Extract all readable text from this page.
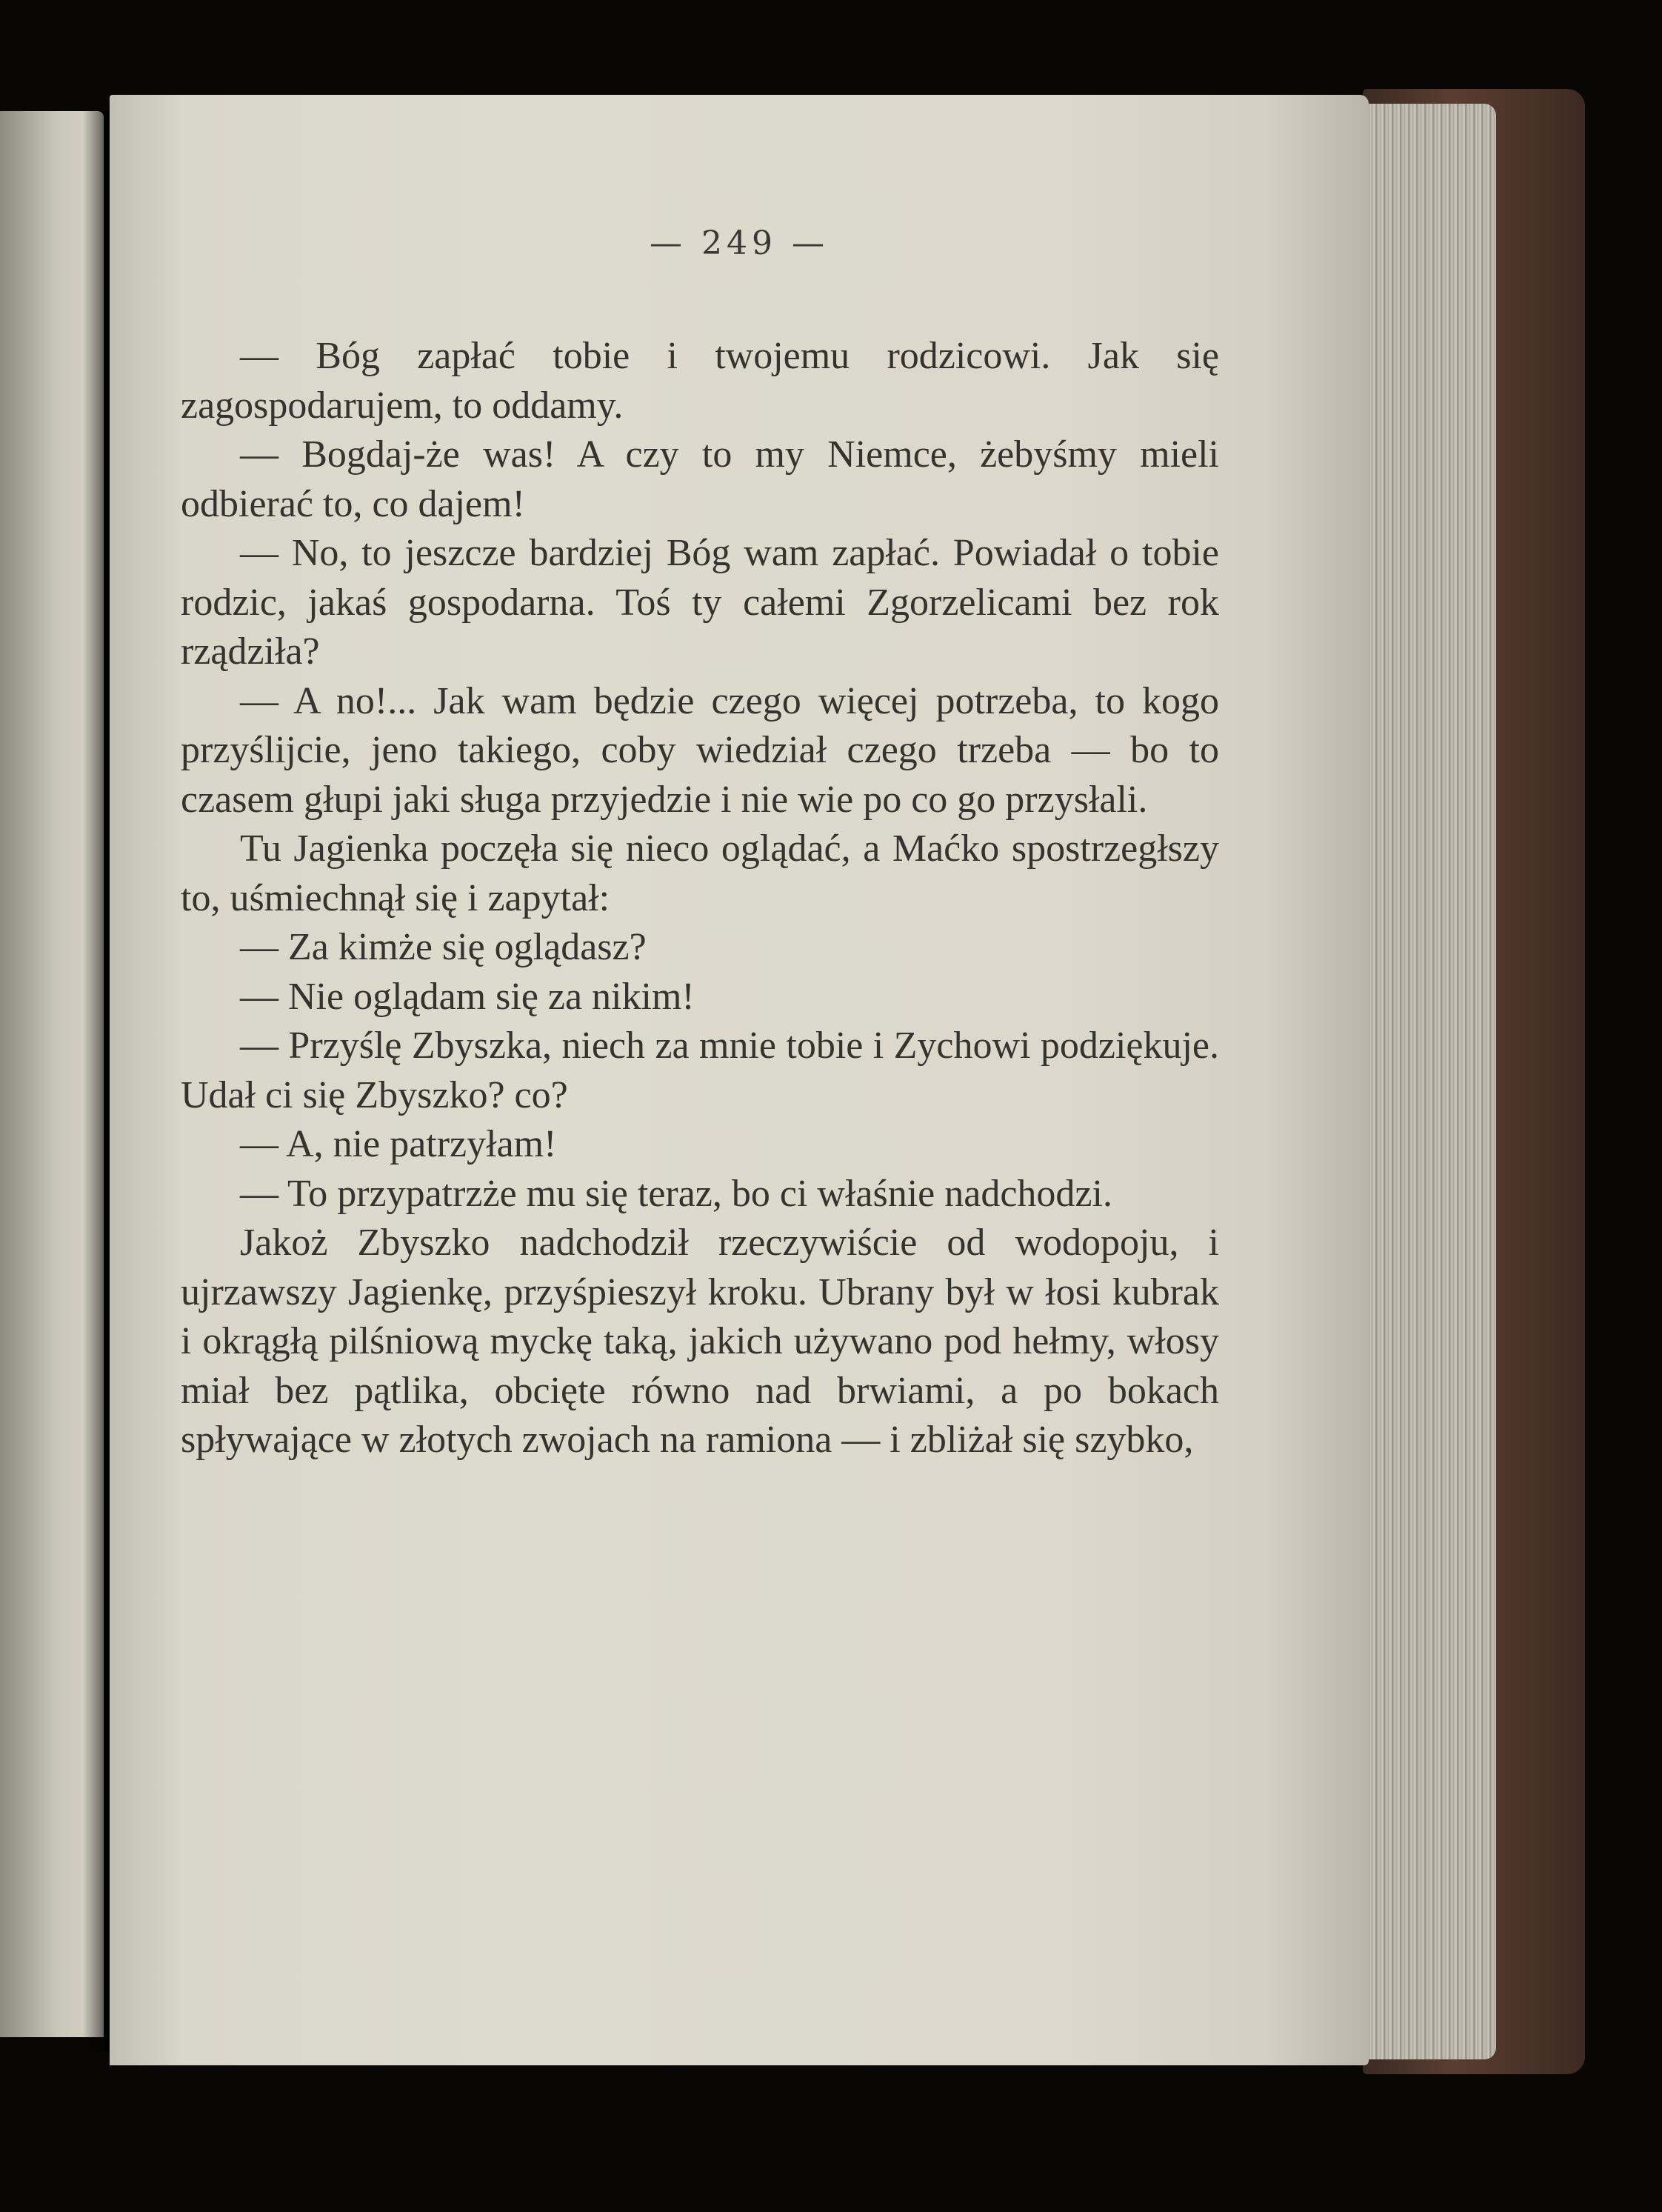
— 249 —

— Bóg zapłać tobie i twojemu rodzicowi. Jak się zagospodarujem, to oddamy.

— Bogdaj-że was! A czy to my Niemce, żebyśmy mieli odbierać to, co dajem!

— No, to jeszcze bardziej Bóg wam zapłać. Powiadał o tobie rodzic, jakaś gospodarna. Toś ty całemi Zgorzelicami bez rok rządziła?

— A no!... Jak wam będzie czego więcej potrzeba, to kogo przyślijcie, jeno takiego, coby wiedział czego trzeba — bo to czasem głupi jaki sługa przyjedzie i nie wie po co go przysłali.

Tu Jagienka poczęła się nieco oglądać, a Maćko spostrzegłszy to, uśmiechnął się i zapytał:

— Za kimże się oglądasz?

— Nie oglądam się za nikim!

— Przyślę Zbyszka, niech za mnie tobie i Zychowi podziękuje. Udał ci się Zbyszko? co?

— A, nie patrzyłam!

— To przypatrzże mu się teraz, bo ci właśnie nadchodzi.

Jakoż Zbyszko nadchodził rzeczywiście od wodopoju, i ujrzawszy Jagienkę, przyśpieszył kroku. Ubrany był w łosi kubrak i okrągłą pilśniową myckę taką, jakich używano pod hełmy, włosy miał bez pątlika, obcięte równo nad brwiami, a po bokach spływające w złotych zwojach na ramiona — i zbliżał się szybko,
